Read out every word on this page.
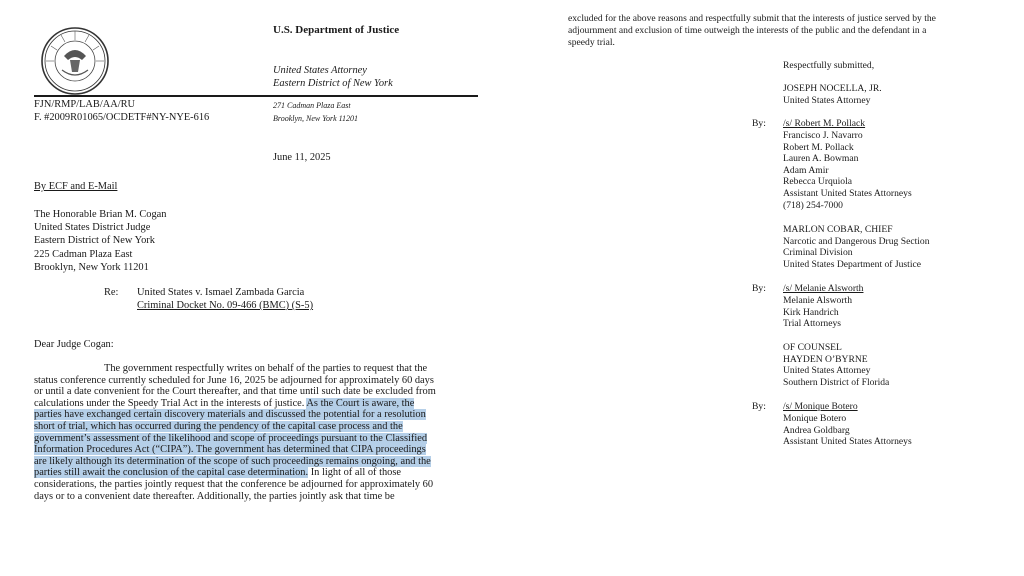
U.S. Department of Justice
United States Attorney
Eastern District of New York
271 Cadman Plaza East
Brooklyn, New York 11201
FJN/RMP/LAB/AA/RU
F. #2009R01065/OCDETF#NY-NYE-616
June 11, 2025
By ECF and E-Mail
The Honorable Brian M. Cogan
United States District Judge
Eastern District of New York
225 Cadman Plaza East
Brooklyn, New York 11201
Re: United States v. Ismael Zambada Garcia
Criminal Docket No. 09-466 (BMC) (S-5)
Dear Judge Cogan:
The government respectfully writes on behalf of the parties to request that the
status conference currently scheduled for June 16, 2025 be adjourned for approximately 60 days
or until a date convenient for the Court thereafter, and that time until such date be excluded from
calculations under the Speedy Trial Act in the interests of justice. As the Court is aware, the
parties have exchanged certain discovery materials and discussed the potential for a resolution
short of trial, which has occurred during the pendency of the capital case process and the
government’s assessment of the likelihood and scope of proceedings pursuant to the Classified
Information Procedures Act (“CIPA”). The government has determined that CIPA proceedings
are likely although its determination of the scope of such proceedings remains ongoing, and the
parties still await the conclusion of the capital case determination. In light of all of those
considerations, the parties jointly request that the conference be adjourned for approximately 60
days or to a convenient date thereafter. Additionally, the parties jointly ask that time be
excluded for the above reasons and respectfully submit that the interests of justice served by the
adjournment and exclusion of time outweigh the interests of the public and the defendant in a
speedy trial.
Respectfully submitted,
JOSEPH NOCELLA, JR.
United States Attorney
By: /s/ Robert M. Pollack
Francisco J. Navarro
Robert M. Pollack
Lauren A. Bowman
Adam Amir
Rebecca Urquiola
Assistant United States Attorneys
(718) 254-7000
MARLON COBAR, CHIEF
Narcotic and Dangerous Drug Section
Criminal Division
United States Department of Justice
By: /s/ Melanie Alsworth
Melanie Alsworth
Kirk Handrich
Trial Attorneys
OF COUNSEL
HAYDEN O’BYRNE
United States Attorney
Southern District of Florida
By: /s/ Monique Botero
Monique Botero
Andrea Goldbarg
Assistant United States Attorneys
